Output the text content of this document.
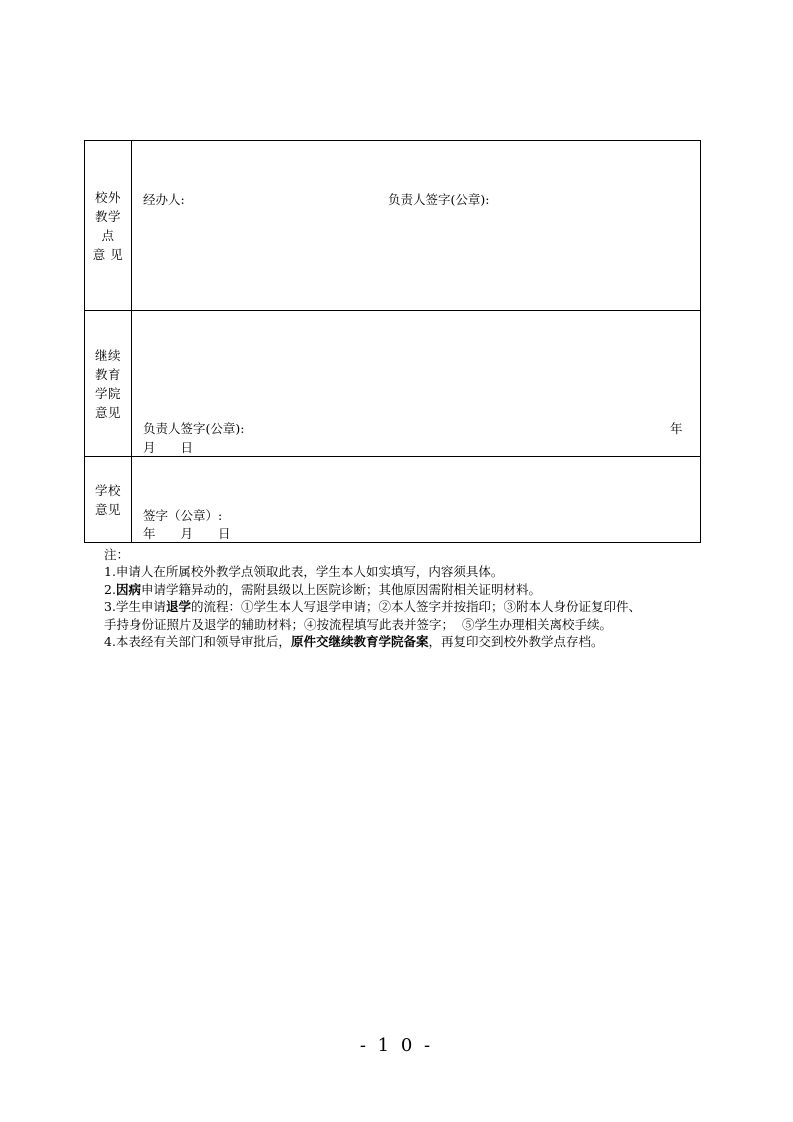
校外
教学
点
意 见
经办人:	负责人签字(公章):
继续
教育
学院
意见
负责人签字(公章):	年
月　　日
学校
意见 签字（公章）:
年　　月　　日
注：
1.申请人在所属校外教学点领取此表，学生本人如实填写，内容须具体。
2.因病申请学籍异动的，需附县级以上医院诊断；其他原因需附相关证明材料。
3.学生申请退学的流程：①学生本人写退学申请；②本人签字并按指印；③附本人身份证复印件、
手持身份证照片及退学的辅助材料；④按流程填写此表并签字；  ⑤学生办理相关离校手续。
4.本表经有关部门和领导审批后，原件交继续教育学院备案，再复印交到校外教学点存档。
- 1 0 -
